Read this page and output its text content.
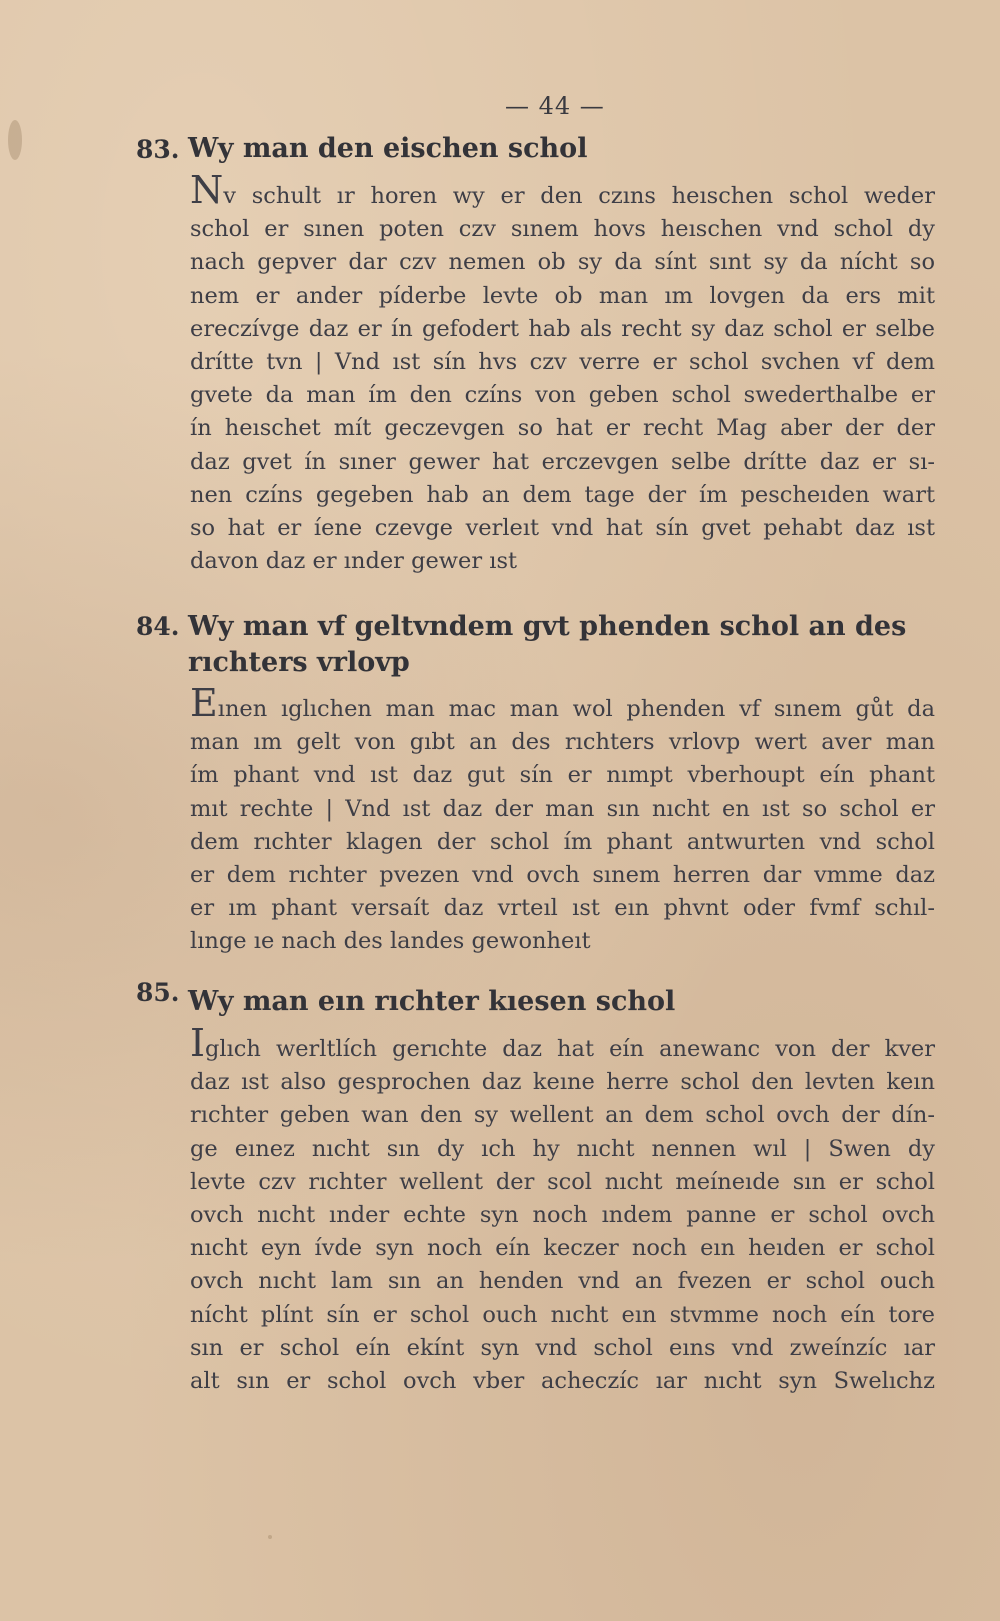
— 44 —
83. Wy man den eischen schol
Nv schult ır horen wy er den czıns heıschen schol weder
schol er sınen poten czv sınem hovs heıschen vnd schol dy
nach gepver dar czv nemen ob sy da sínt sınt sy da nícht so
nem er ander píderbe levte ob man ım lovgen da ers mit
ereczívge daz er ín gefodert hab als recht sy daz schol er selbe
drítte tvn | Vnd ıst sín hvs czv verre er schol svchen vf dem
gvete da man ím den czíns von geben schol swederthalbe er
ín heıschet mít geczevgen so hat er recht Mag aber der der
daz gvet ín sıner gewer hat erczevgen selbe drítte daz er sı-
nen czíns gegeben hab an dem tage der ím pescheıden wart
so hat er íene czevge verleıt vnd hat sín gvet pehabt daz ıst
davon daz er ınder gewer ıst
84. Wy man vf geltvndem gvt phenden schol an des rıchters vrlovp
Eınen ıglıchen man mac man wol phenden vf sınem gůt da
man ım gelt von gıbt an des rıchters vrlovp wert aver man
ím phant vnd ıst daz gut sín er nımpt vberhoupt eín phant
mıt rechte | Vnd ıst daz der man sın nıcht en ıst so schol er
dem rıchter klagen der schol ím phant antwurten vnd schol
er dem rıchter pvezen vnd ovch sınem herren dar vmme daz
er ım phant versaít daz vrteıl ıst eın phvnt oder fvmf schıl-
lınge ıe nach des landes gewonheıt
85. Wy man eın rıchter kıesen schol
Iglıch werltlích gerıchte daz hat eín anewanc von der kver
daz ıst also gesprochen daz keıne herre schol den levten keın
rıchter geben wan den sy wellent an dem schol ovch der dín-
ge eınez nıcht sın dy ıch hy nıcht nennen wıl | Swen dy
levte czv rıchter wellent der scol nıcht meíneıde sın er schol
ovch nıcht ınder echte syn noch ındem panne er schol ovch
nıcht eyn ívde syn noch eín keczer noch eın heıden er schol
ovch nıcht lam sın an henden vnd an fvezen er schol ouch
nícht plínt sín er schol ouch nıcht eın stvmme noch eín tore
sın er schol eín ekínt syn vnd schol eıns vnd zweínzíc ıar
alt sın er schol ovch vber acheczíc ıar nıcht syn Swelıchz
